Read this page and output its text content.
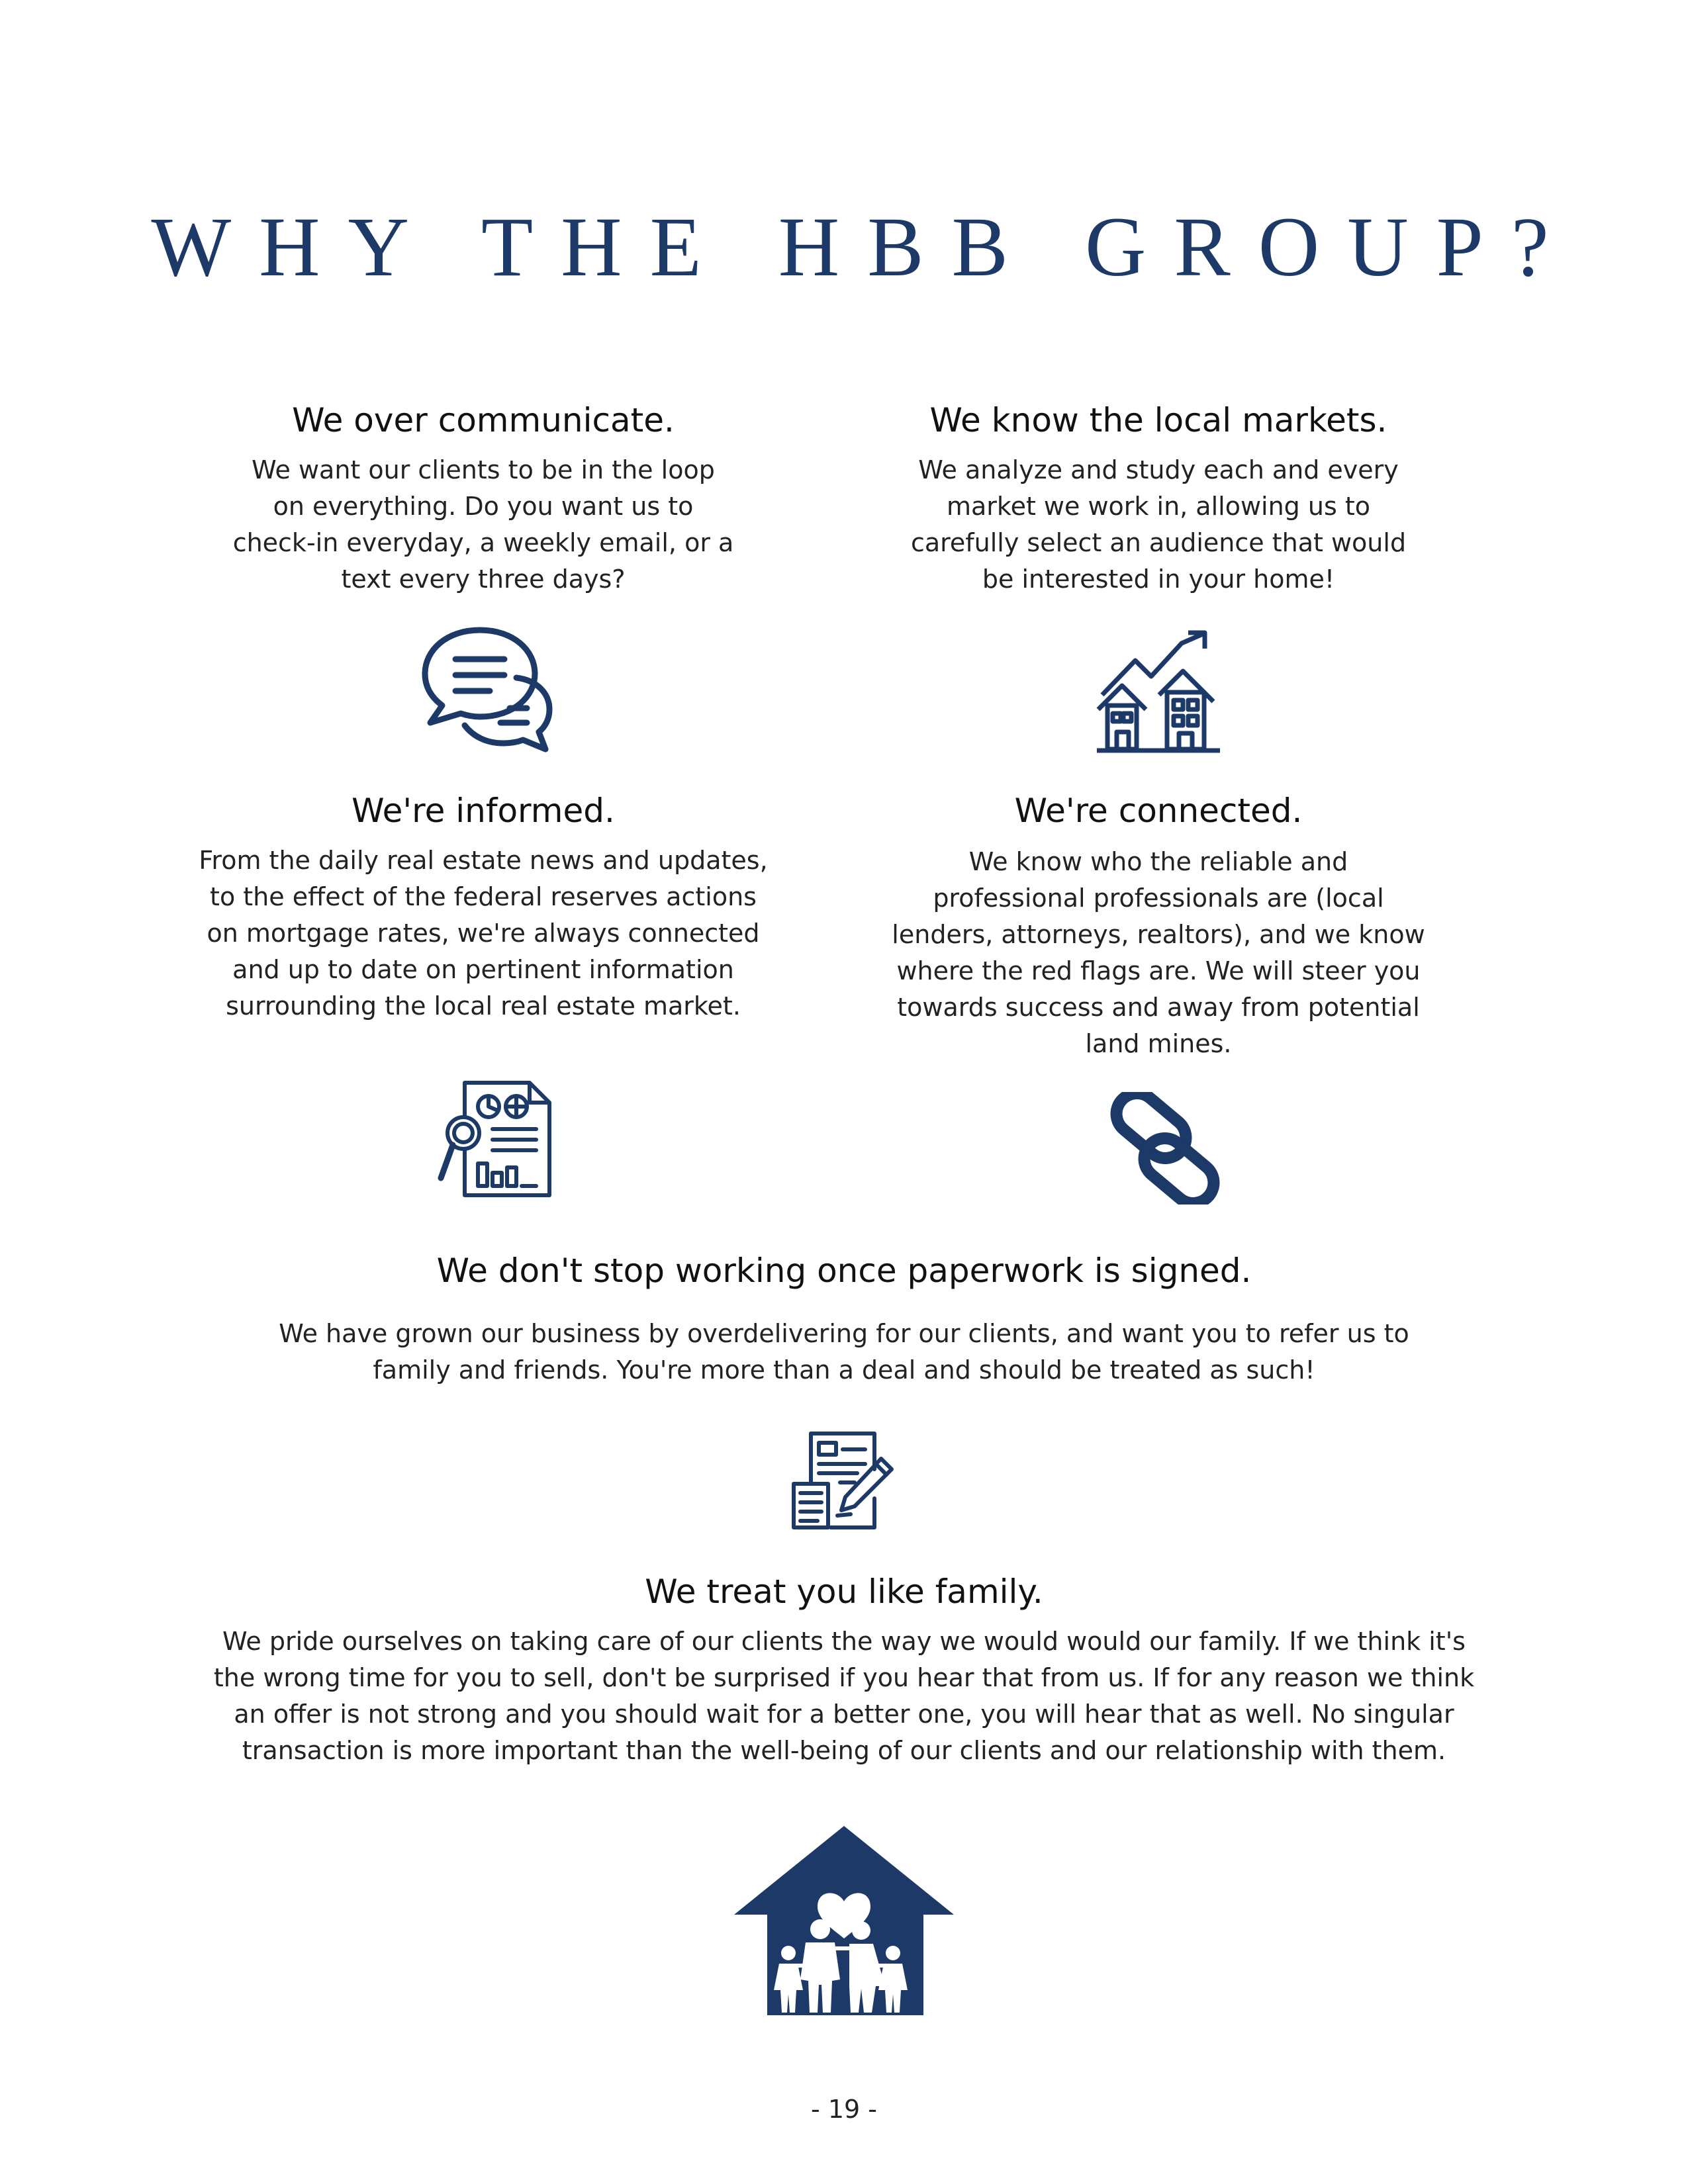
WHY THE HBB GROUP?
We over communicate.

We want our clients to be in the loop
on everything. Do you want us to
check-in everyday, a weekly email, or a
text every three days?

We know the local markets.

We analyze and study each and every
market we work in, allowing us to
carefully select an audience that would
be interested in your home!

We're informed.

From the daily real estate news and updates,
to the effect of the federal reserves actions
on mortgage rates, we're always connected
and up to date on pertinent information
surrounding the local real estate market.

We're connected.

We know who the reliable and
professional professionals are (local
lenders, attorneys, realtors), and we know
where the red flags are. We will steer you
towards success and away from potential
land mines.

We don't stop working once paperwork is signed.

We have grown our business by overdelivering for our clients, and want you to refer us to
family and friends. You're more than a deal and should be treated as such!

We treat you like family.

We pride ourselves on taking care of our clients the way we would would our family. If we think it's
the wrong time for you to sell, don't be surprised if you hear that from us. If for any reason we think
an offer is not strong and you should wait for a better one, you will hear that as well. No singular
transaction is more important than the well-being of our clients and our relationship with them.

- 19 -
